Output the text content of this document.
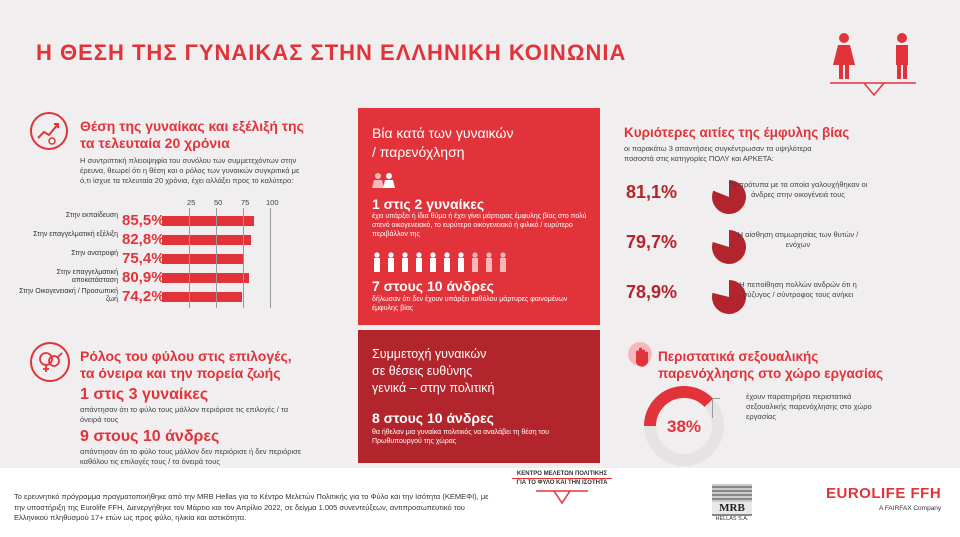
Η ΘΕΣΗ ΤΗΣ ΓΥΝΑΙΚΑΣ ΣΤΗΝ ΕΛΛΗΝΙΚΗ ΚΟΙΝΩΝΙΑ
Θέση της γυναίκας και εξέλιξή της
τα τελευταία 20 χρόνια
Η συντριπτική πλειοψηφία του συνόλου των συμμετεχόντων στην έρευνα, θεωρεί ότι η θέση και ο ρόλος των γυναικών συγκριτικά με ό,τι ίσχυε τα τελευταία 20 χρόνια, έχει αλλάξει προς το καλύτερο:
25 50 75 100
Στην εκπαίδευση 85,5%
Στην επαγγελματική εξέλιξη 82,8%
Στην ανατροφή 75,4%
Στην επαγγελματική αποκατάσταση 80,9%
Στην Οικογενειακή / Προσωπική ζωή 74,2%
Ρόλος του φύλου στις επιλογές,
τα όνειρα και την πορεία ζωής
1 στις 3 γυναίκες
απάντησαν ότι το φύλο τους μάλλον περιόρισε τις επιλογές / τα όνειρά τους
9 στους 10 άνδρες
απάντησαν ότι το φύλο τους μάλλον δεν περιόρισε ή δεν περιόρισε καθόλου τις επιλογές τους / τα όνειρά τους
Βία κατά των γυναικών
/ παρενόχληση
1 στις 2 γυναίκες
έχει υπάρξει ή ίδια θύμα ή έχει γίνει μάρτυρας έμφυλης βίας στο πολύ στενό οικογενειακό, το ευρύτερο οικογενειακό ή φιλικό / ευρύτερο περιβάλλον της
7 στους 10 άνδρες
δήλωσαν ότι δεν έχουν υπάρξει καθόλου μάρτυρες φαινομένων έμφυλης βίας
Συμμετοχή γυναικών
σε θέσεις ευθύνης
γενικά – στην πολιτική
8 στους 10 άνδρες
θα ήθελαν μια γυναίκα πολιτικός να αναλάβει τη θέση του Πρωθυπουργού της χώρας
Κυριότερες αιτίες της έμφυλης βίας
οι παρακάτω 3 απαντήσεις συγκέντρωσαν τα υψηλότερα ποσοστά στις κατηγορίες ΠΟΛΥ και ΑΡΚΕΤΑ:
81,1%	Τα πρότυπα με τα οποία γαλουχήθηκαν οι άνδρες στην οικογένειά τους
79,7%	Η αίσθηση ατιμωρησίας των θυτών / ενόχων
78,9%	Η πεποίθηση πολλών ανδρών ότι η σύζυγος / σύντροφος τους ανήκει
Περιστατικά σεξουαλικής
παρενόχλησης στο χώρο εργασίας
38%
έχουν παρατηρήσει περιστατικά σεξουαλικής παρενόχλησης στο χώρο εργασίας
Το ερευνητικό πρόγραμμα πραγματοποιήθηκε από την MRB Hellas για το Κέντρο Μελετών Πολιτικής για το Φύλο και την Ισότητα (ΚΕΜΕΦΙ), με την υποστήριξη της Eurolife FFH. Διενεργήθηκε τον Μάρτιο και τον Απρίλιο 2022, σε δείγμα 1.005 συνεντεύξεων, αντιπροσωπευτικό του Ελληνικού πληθυσμού 17+ ετών ως προς φύλο, ηλικία και αστικότητα.
ΚΕΝΤΡΟ ΜΕΛΕΤΩΝ ΠΟΛΙΤΙΚΗΣ
ΓΙΑ ΤΟ ΦΥΛΟ ΚΑΙ ΤΗΝ ΙΣΟΤΗΤΑ
MRB
HELLAS S.A.
EUROLIFE FFH
A FAIRFAX Company
